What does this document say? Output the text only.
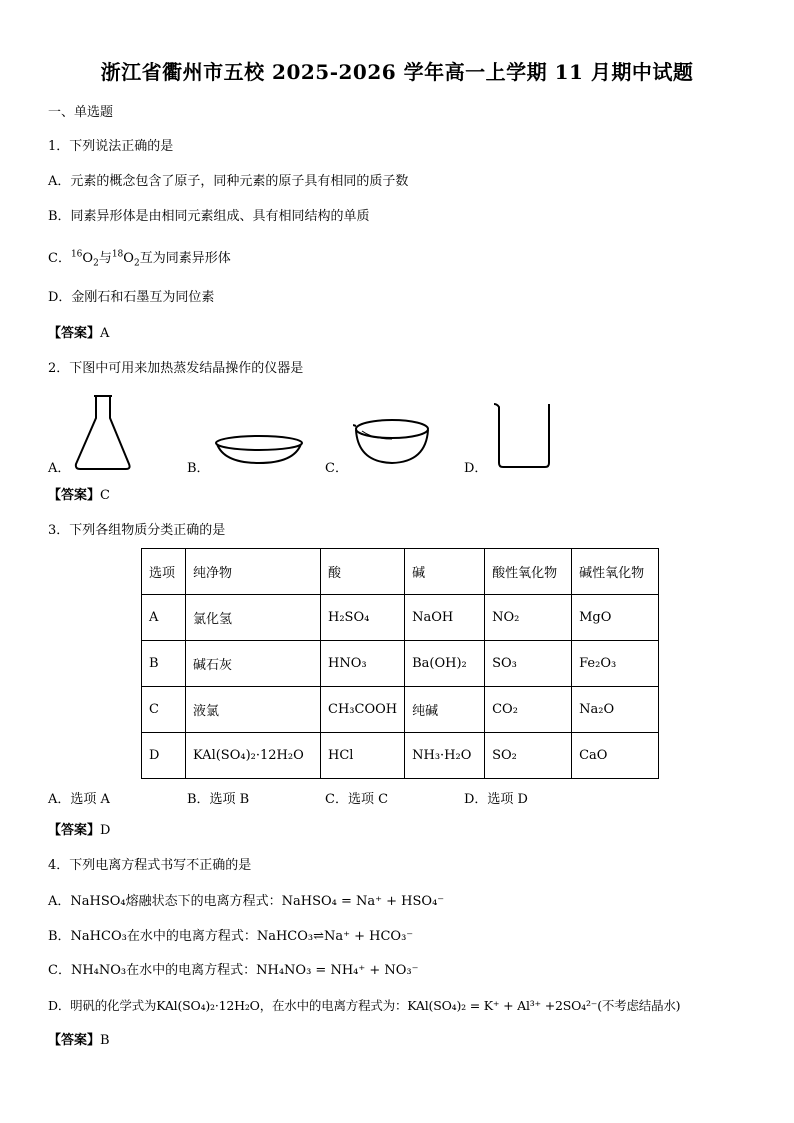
浙江省衢州市五校 2025-2026 学年高一上学期 11 月期中试题
一、单选题
1．下列说法正确的是
A．元素的概念包含了原子，同种元素的原子具有相同的质子数
B．同素异形体是由相同元素组成、具有相同结构的单质
C．$^{16}O_2$与$^{18}O_2$互为同素异形体
D．金刚石和石墨互为同位素
【答案】A
2．下图中可用来加热蒸发结晶操作的仪器是
A．	B．	C．	D．
【答案】C
3．下列各组物质分类正确的是
选项	纯净物	酸	碱	酸性氧化物	碱性氧化物
A	氯化氢	H₂SO₄	NaOH	NO₂	MgO
B	碱石灰	HNO₃	Ba(OH)₂	SO₃	Fe₂O₃
C	液氯	CH₃COOH	纯碱	CO₂	Na₂O
D	KAl(SO₄)₂·12H₂O	HCl	NH₃·H₂O	SO₂	CaO
A．选项 A	B．选项 B	C．选项 C	D．选项 D
【答案】D
4．下列电离方程式书写不正确的是
A．NaHSO₄熔融状态下的电离方程式：NaHSO₄ = Na⁺ + HSO₄⁻
B．NaHCO₃在水中的电离方程式：NaHCO₃⇌Na⁺ + HCO₃⁻
C．NH₄NO₃在水中的电离方程式：NH₄NO₃ = NH₄⁺ + NO₃⁻
D．明矾的化学式为KAl(SO₄)₂·12H₂O，在水中的电离方程式为：KAl(SO₄)₂ = K⁺ + Al³⁺ +2SO₄²⁻(不考虑结晶水)
【答案】B
